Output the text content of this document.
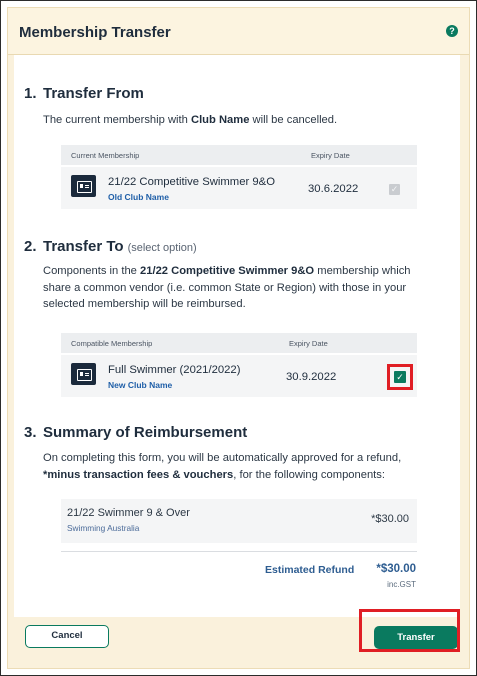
Membership Transfer	?
1. Transfer From
The current membership with Club Name will be cancelled.
Current Membership	Expiry Date
21/22 Competitive Swimmer 9&O
Old Club Name
30.6.2022	✓
2. Transfer To (select option)
Components in the 21/22 Competitive Swimmer 9&O membership which share a common vendor (i.e. common State or Region) with those in your selected membership will be reimbursed.
Compatible Membership	Expiry Date
Full Swimmer (2021/2022)
New Club Name
30.9.2022	✓
3. Summary of Reimbursement
On completing this form, you will be automatically approved for a refund, *minus transaction fees & vouchers, for the following components:
21/22 Swimmer 9 & Over
Swimming Australia
*$30.00
Estimated Refund *$30.00
inc.GST
Cancel	Transfer
